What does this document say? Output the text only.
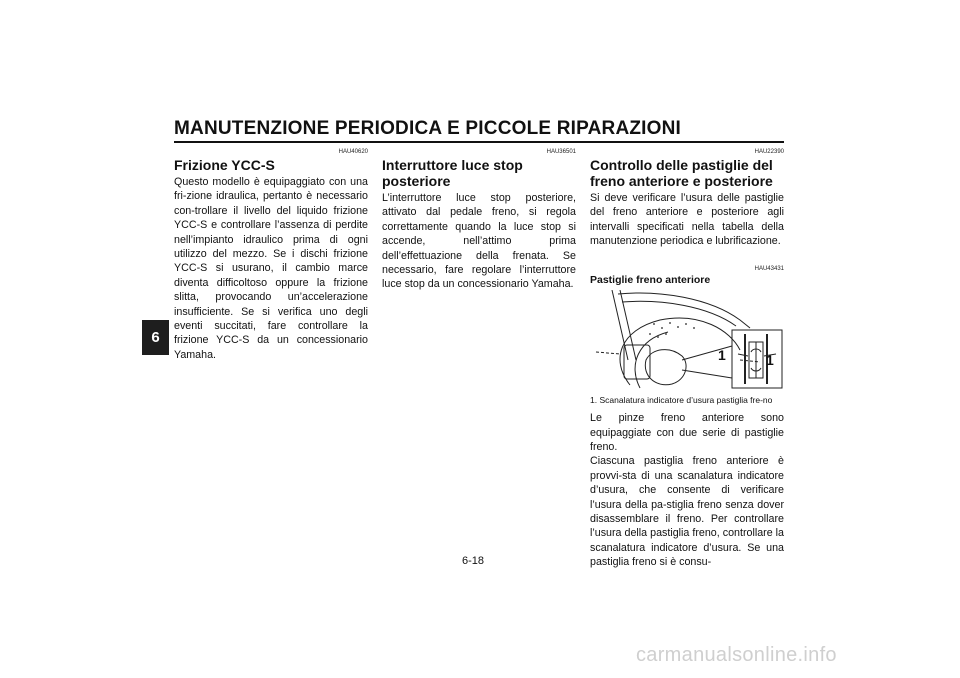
MANUTENZIONE PERIODICA E PICCOLE RIPARAZIONI
6
HAU40620
Frizione YCC-S

Questo modello è equipaggiato con una fri-zione idraulica, pertanto è necessario con-trollare il livello del liquido frizione YCC-S e controllare l’assenza di perdite nell’impianto idraulico prima di ogni utilizzo del mezzo. Se i dischi frizione YCC-S si usurano, il cambio marce diventa difficoltoso oppure la frizione slitta, provocando un’accelerazione insufficiente. Se si verifica uno degli eventi succitati, fare controllare la frizione YCC-S da un concessionario Yamaha.

HAU36501
Interruttore luce stop posteriore

L’interruttore luce stop posteriore, attivato dal pedale freno, si regola correttamente quando la luce stop si accende, nell’attimo prima dell’effettuazione della frenata. Se necessario, fare regolare l’interruttore luce stop da un concessionario Yamaha.

HAU22390
Controllo delle pastiglie del freno anteriore e posteriore

Si deve verificare l’usura delle pastiglie del freno anteriore e posteriore agli intervalli specificati nella tabella della manutenzione periodica e lubrificazione.

HAU43431
Pastiglie freno anteriore
1	1

1. Scanalatura indicatore d’usura pastiglia fre-no

Le pinze freno anteriore sono equipaggiate con due serie di pastiglie freno.

Ciascuna pastiglia freno anteriore è provvi-sta di una scanalatura indicatore d’usura, che consente di verificare l’usura della pa-stiglia freno senza dover disassemblare il freno. Per controllare l’usura della pastiglia freno, controllare la scanalatura indicatore d’usura. Se una pastiglia freno si è consu-

6-18
carmanualsonline.info
